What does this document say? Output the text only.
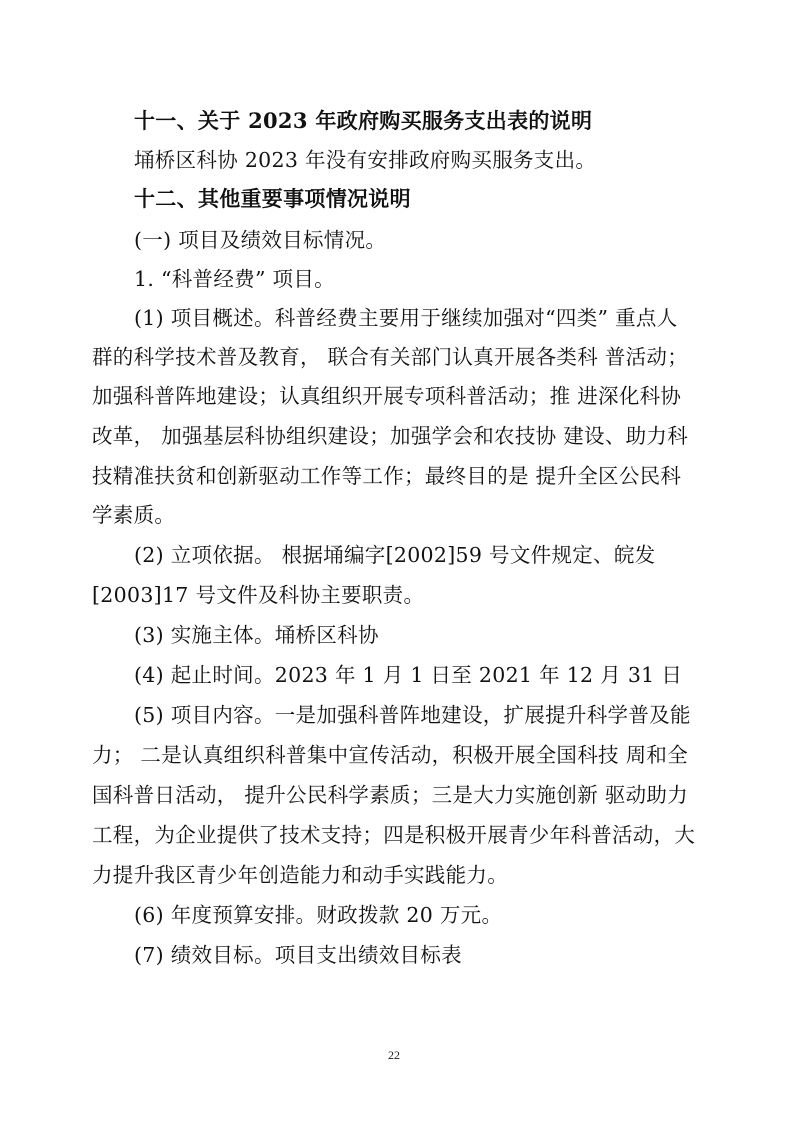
十一、关于 2023 年政府购买服务支出表的说明
埇桥区科协 2023 年没有安排政府购买服务支出。
十二、其他重要事项情况说明
(一) 项目及绩效目标情况。
1. “科普经费” 项目。
(1) 项目概述。科普经费主要用于继续加强对“四类” 重点人
群的科学技术普及教育， 联合有关部门认真开展各类科 普活动；
加强科普阵地建设；认真组织开展专项科普活动；推 进深化科协
改革， 加强基层科协组织建设；加强学会和农技协 建设、助力科
技精准扶贫和创新驱动工作等工作；最终目的是 提升全区公民科
学素质。
(2) 立项依据。 根据埇编字[2002]59 号文件规定、皖发
[2003]17 号文件及科协主要职责。
(3) 实施主体。埇桥区科协
(4) 起止时间。2023 年 1 月 1 日至 2021 年 12 月 31 日
(5) 项目内容。一是加强科普阵地建设，扩展提升科学普及能
力； 二是认真组织科普集中宣传活动，积极开展全国科技 周和全
国科普日活动， 提升公民科学素质；三是大力实施创新 驱动助力
工程，为企业提供了技术支持；四是积极开展青少年科普活动，大
力提升我区青少年创造能力和动手实践能力。
(6) 年度预算安排。财政拨款 20 万元。
(7) 绩效目标。项目支出绩效目标表
22
